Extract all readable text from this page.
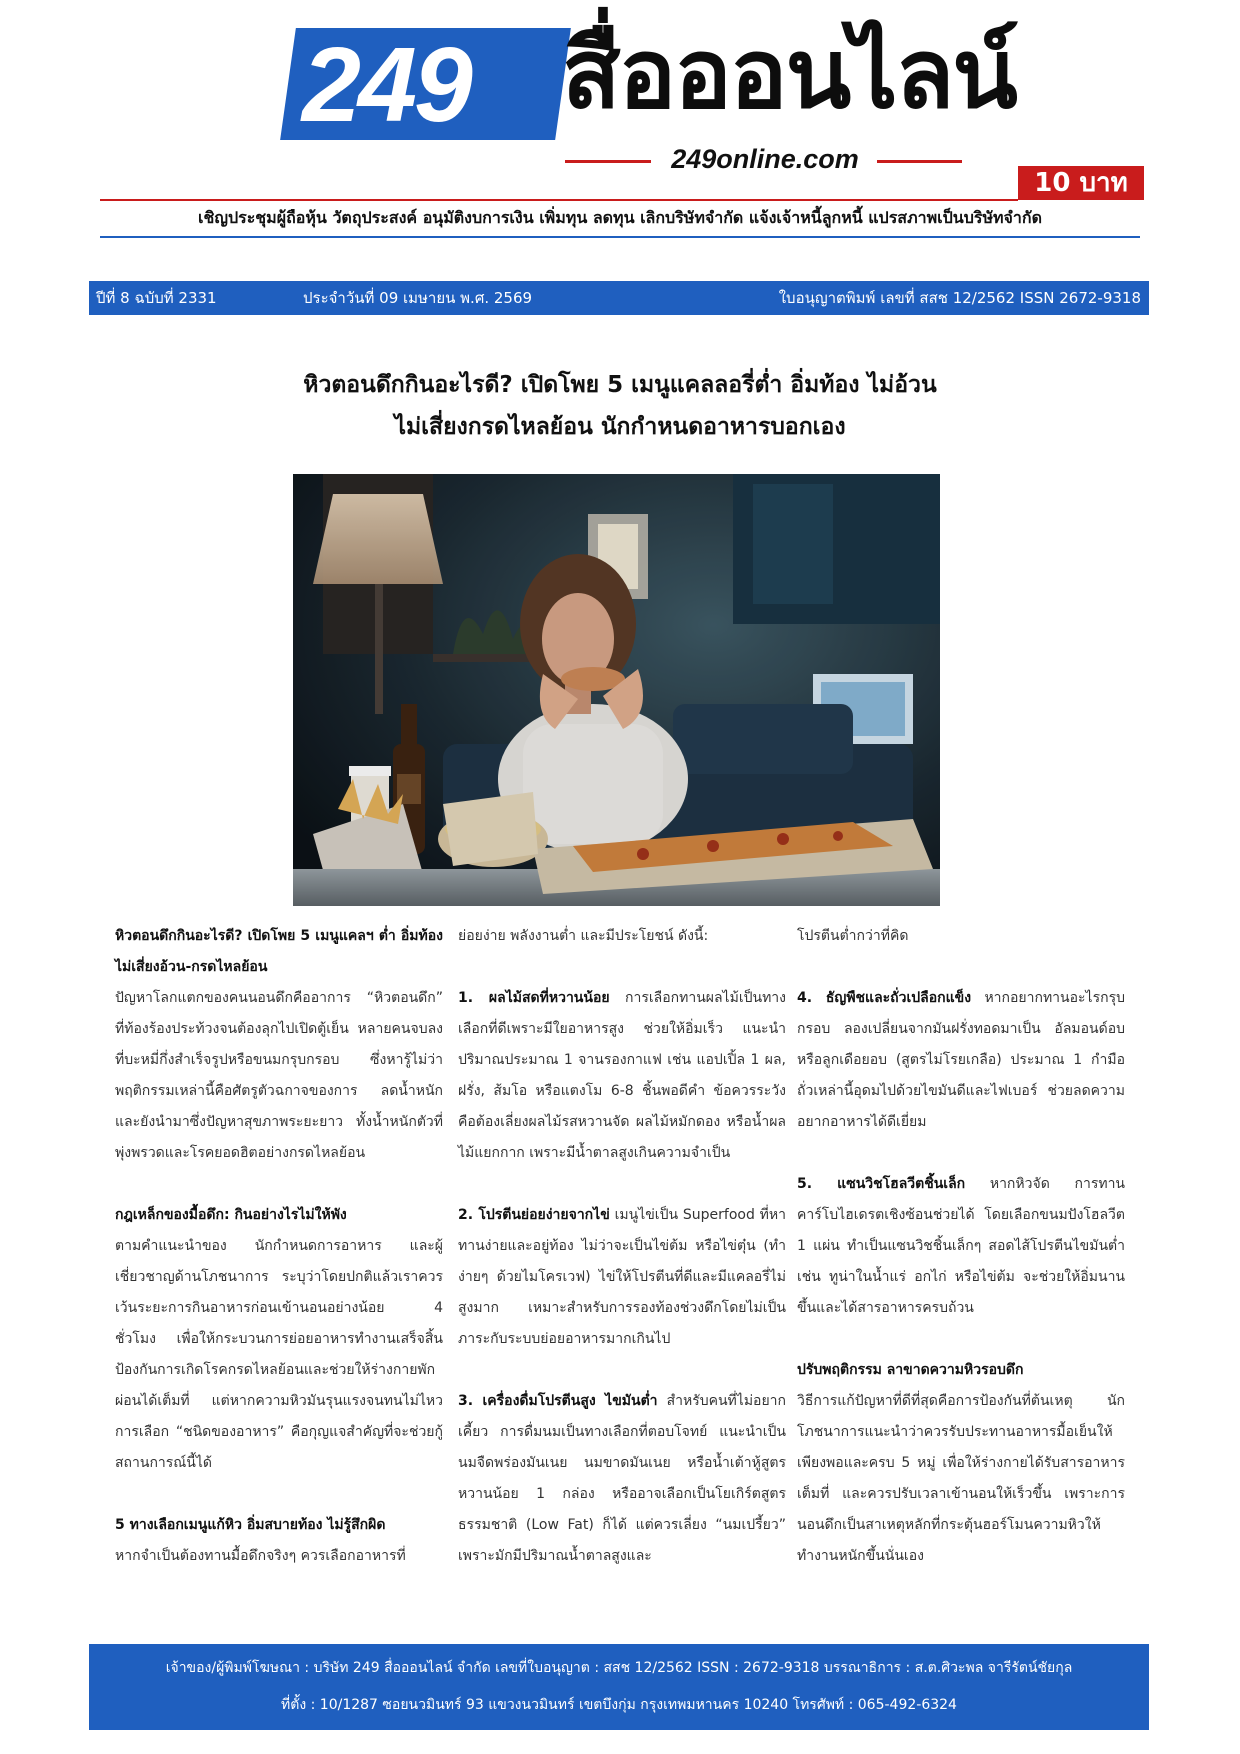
249 สื่อออนไลน์
249online.com
10 บาท
เชิญประชุมผู้ถือหุ้น วัตถุประสงค์ อนุมัติงบการเงิน เพิ่มทุน ลดทุน เลิกบริษัทจำกัด แจ้งเจ้าหนี้ลูกหนี้ แปรสภาพเป็นบริษัทจำกัด
ปีที่ 8 ฉบับที่ 2331	ประจำวันที่ 09 เมษายน พ.ศ. 2569	ใบอนุญาตพิมพ์ เลขที่ สสช 12/2562 ISSN 2672-9318
หิวตอนดึกกินอะไรดี? เปิดโพย 5 เมนูแคลลอรี่ต่ำ อิ่มท้อง ไม่อ้วน
ไม่เสี่ยงกรดไหลย้อน นักกำหนดอาหารบอกเอง

หิวตอนดึกกินอะไรดี? เปิดโพย 5 เมนูแคลฯ ต่ำ อิ่มท้อง ไม่เสี่ยงอ้วน-กรดไหลย้อน

ปัญหาโลกแตกของคนนอนดึกคืออาการ “หิวตอนดึก” ที่ท้องร้องประท้วงจนต้องลุกไปเปิดตู้เย็น หลายคนจบลงที่บะหมี่กึ่งสำเร็จรูปหรือขนมกรุบกรอบ ซึ่งหารู้ไม่ว่าพฤติกรรมเหล่านี้คือศัตรูตัวฉกาจของการ ลดน้ำหนัก และยังนำมาซึ่งปัญหาสุขภาพระยะยาว ทั้งน้ำหนักตัวที่พุ่งพรวดและโรคยอดฮิตอย่างกรดไหลย้อน

กฎเหล็กของมื้อดึก: กินอย่างไรไม่ให้พัง

ตามคำแนะนำของ นักกำหนดการอาหาร และผู้เชี่ยวชาญด้านโภชนาการ ระบุว่าโดยปกติแล้วเราควรเว้นระยะการกินอาหารก่อนเข้านอนอย่างน้อย 4 ชั่วโมง เพื่อให้กระบวนการย่อยอาหารทำงานเสร็จสิ้น ป้องกันการเกิดโรคกรดไหลย้อนและช่วยให้ร่างกายพักผ่อนได้เต็มที่ แต่หากความหิวมันรุนแรงจนทนไม่ไหว การเลือก “ชนิดของอาหาร” คือกุญแจสำคัญที่จะช่วยกู้สถานการณ์นี้ได้

5 ทางเลือกเมนูแก้หิว อิ่มสบายท้อง ไม่รู้สึกผิด

หากจำเป็นต้องทานมื้อดึกจริงๆ ควรเลือกอาหารที่

ย่อยง่าย พลังงานต่ำ และมีประโยชน์ ดังนี้:

1. ผลไม้สดที่หวานน้อย การเลือกทานผลไม้เป็นทางเลือกที่ดีเพราะมีใยอาหารสูง ช่วยให้อิ่มเร็ว แนะนำปริมาณประมาณ 1 จานรองกาแฟ เช่น แอปเปิ้ล 1 ผล, ฝรั่ง, ส้มโอ หรือแตงโม 6-8 ชิ้นพอดีคำ ข้อควรระวัง คือต้องเลี่ยงผลไม้รสหวานจัด ผลไม้หมักดอง หรือน้ำผลไม้แยกกาก เพราะมีน้ำตาลสูงเกินความจำเป็น

2. โปรตีนย่อยง่ายจากไข่ เมนูไข่เป็น Superfood ที่หาทานง่ายและอยู่ท้อง ไม่ว่าจะเป็นไข่ต้ม หรือไข่ตุ๋น (ทำง่ายๆ ด้วยไมโครเวฟ) ไข่ให้โปรตีนที่ดีและมีแคลอรี่ไม่สูงมาก เหมาะสำหรับการรองท้องช่วงดึกโดยไม่เป็นภาระกับระบบย่อยอาหารมากเกินไป

3. เครื่องดื่มโปรตีนสูง ไขมันต่ำ สำหรับคนที่ไม่อยากเคี้ยว การดื่มนมเป็นทางเลือกที่ตอบโจทย์ แนะนำเป็นนมจืดพร่องมันเนย นมขาดมันเนย หรือน้ำเต้าหู้สูตรหวานน้อย 1 กล่อง หรืออาจเลือกเป็นโยเกิร์ตสูตรธรรมชาติ (Low Fat) ก็ได้ แต่ควรเลี่ยง “นมเปรี้ยว” เพราะมักมีปริมาณน้ำตาลสูงและ

โปรตีนต่ำกว่าที่คิด

4. ธัญพืชและถั่วเปลือกแข็ง หากอยากทานอะไรกรุบกรอบ ลองเปลี่ยนจากมันฝรั่งทอดมาเป็น อัลมอนด์อบ หรือลูกเดือยอบ (สูตรไม่โรยเกลือ) ประมาณ 1 กำมือ ถั่วเหล่านี้อุดมไปด้วยไขมันดีและไฟเบอร์ ช่วยลดความอยากอาหารได้ดีเยี่ยม

5. แซนวิชโฮลวีตชิ้นเล็ก หากหิวจัด การทานคาร์โบไฮเดรตเชิงซ้อนช่วยได้ โดยเลือกขนมปังโฮลวีต 1 แผ่น ทำเป็นแซนวิชชิ้นเล็กๆ สอดไส้โปรตีนไขมันต่ำ เช่น ทูน่าในน้ำแร่ อกไก่ หรือไข่ต้ม จะช่วยให้อิ่มนานขึ้นและได้สารอาหารครบถ้วน

ปรับพฤติกรรม ลาขาดความหิวรอบดึก

วิธีการแก้ปัญหาที่ดีที่สุดคือการป้องกันที่ต้นเหตุ นักโภชนาการแนะนำว่าควรรับประทานอาหารมื้อเย็นให้เพียงพอและครบ 5 หมู่ เพื่อให้ร่างกายได้รับสารอาหารเต็มที่ และควรปรับเวลาเข้านอนให้เร็วขึ้น เพราะการนอนดึกเป็นสาเหตุหลักที่กระตุ้นฮอร์โมนความหิวให้ทำงานหนักขึ้นนั่นเอง

เจ้าของ/ผู้พิมพ์โฆษณา : บริษัท 249 สื่อออนไลน์ จำกัด เลขที่ใบอนุญาต : สสช 12/2562 ISSN : 2672-9318 บรรณาธิการ : ส.ต.ศิวะพล จารีรัตน์ชัยกุล
ที่ตั้ง : 10/1287 ซอยนวมินทร์ 93 แขวงนวมินทร์ เขตบึงกุ่ม กรุงเทพมหานคร 10240 โทรศัพท์ : 065-492-6324
